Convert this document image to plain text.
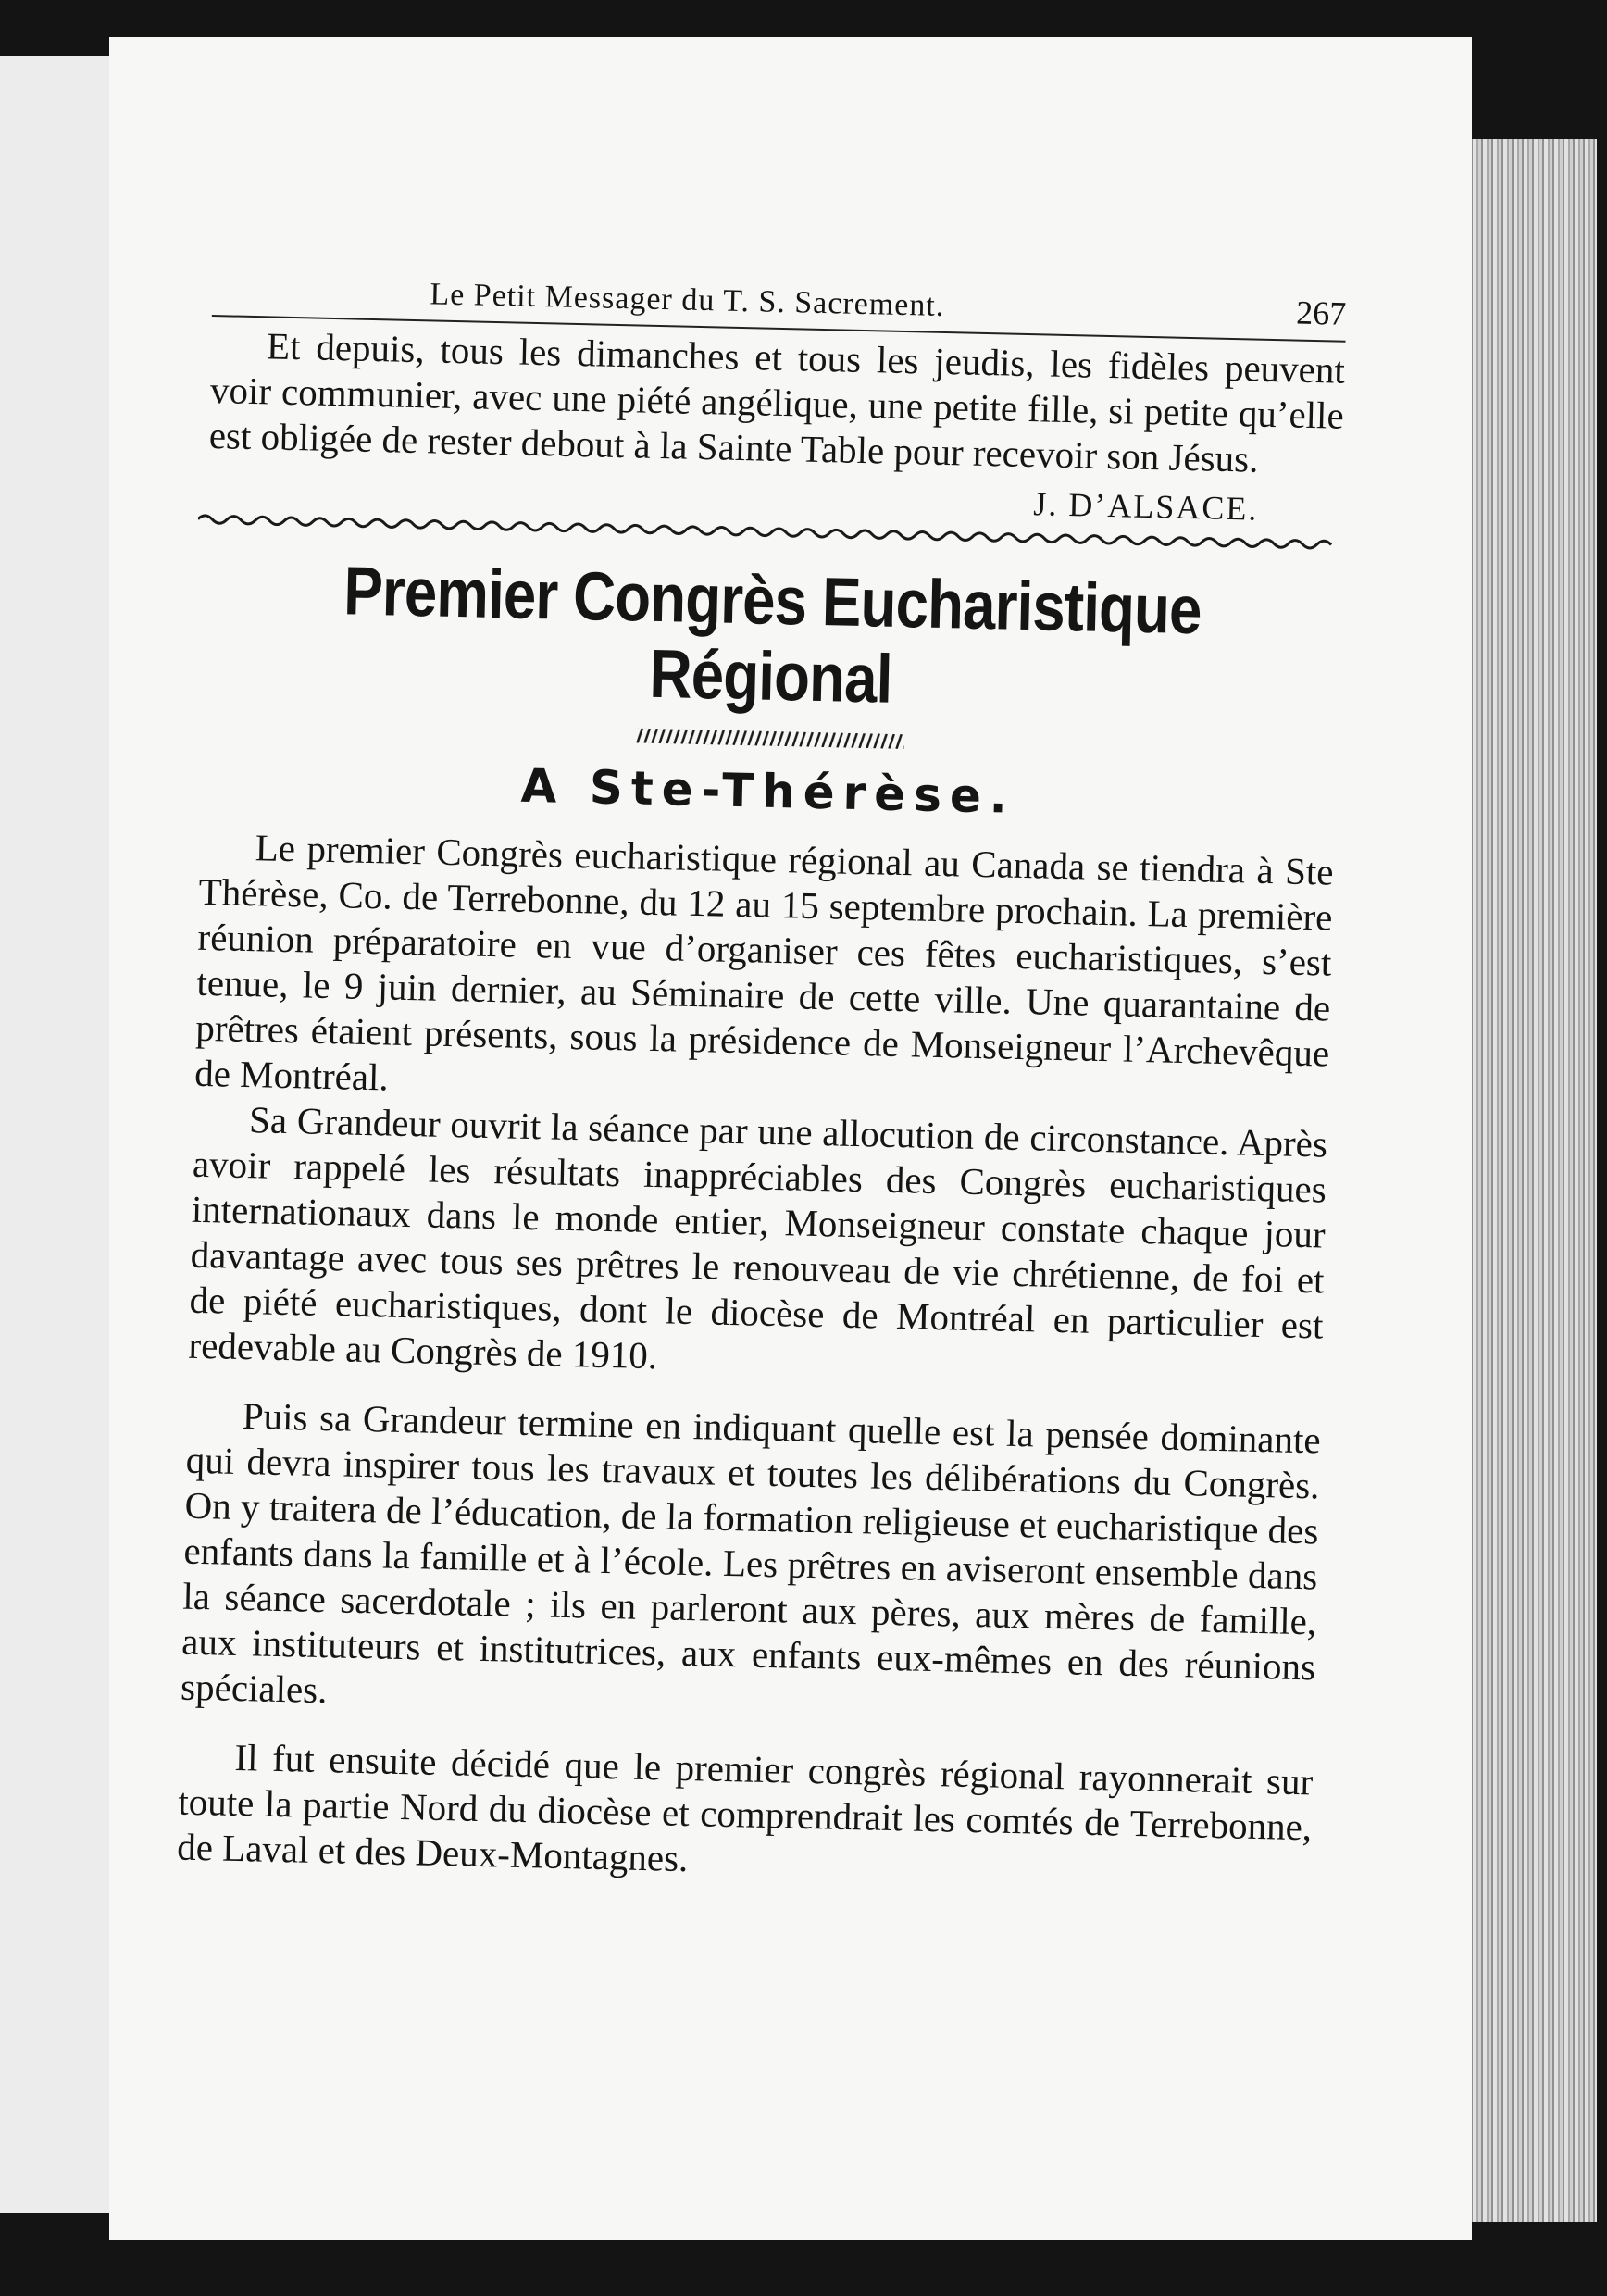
Le Petit Messager du T. S. Sacrement.	267

Et depuis, tous les dimanches et tous les jeudis, les fidèles peuvent voir communier, avec une piété angélique, une petite fille, si petite qu’elle est obligée de rester debout à la Sainte Table pour recevoir son Jésus.

J. D’ALSACE.
Premier Congrès Eucharistique
Régional
A Ste-Thérèse.

Le premier Congrès eucharistique régional au Canada se tiendra à Ste Thérèse, Co. de Terrebonne, du 12 au 15 septembre prochain. La première réunion préparatoire en vue d’organiser ces fêtes eucharistiques, s’est tenue, le 9 juin dernier, au Séminaire de cette ville. Une quarantaine de prêtres étaient présents, sous la présidence de Monseigneur l’Archevêque de Montréal.

Sa Grandeur ouvrit la séance par une allocution de circonstance. Après avoir rappelé les résultats inappréciables des Congrès eucharistiques internationaux dans le monde entier, Monseigneur constate chaque jour davantage avec tous ses prêtres le renouveau de vie chrétienne, de foi et de piété eucharistiques, dont le diocèse de Montréal en particulier est redevable au Congrès de 1910.

Puis sa Grandeur termine en indiquant quelle est la pensée dominante qui devra inspirer tous les travaux et toutes les délibérations du Congrès. On y traitera de l’éducation, de la formation religieuse et eucharistique des enfants dans la famille et à l’école. Les prêtres en aviseront ensemble dans la séance sacerdotale ; ils en parleront aux pères, aux mères de famille, aux instituteurs et institutrices, aux enfants eux-mêmes en des réunions spéciales.

Il fut ensuite décidé que le premier congrès régional rayonnerait sur toute la partie Nord du diocèse et comprendrait les comtés de Terrebonne, de Laval et des Deux-Montagnes.
